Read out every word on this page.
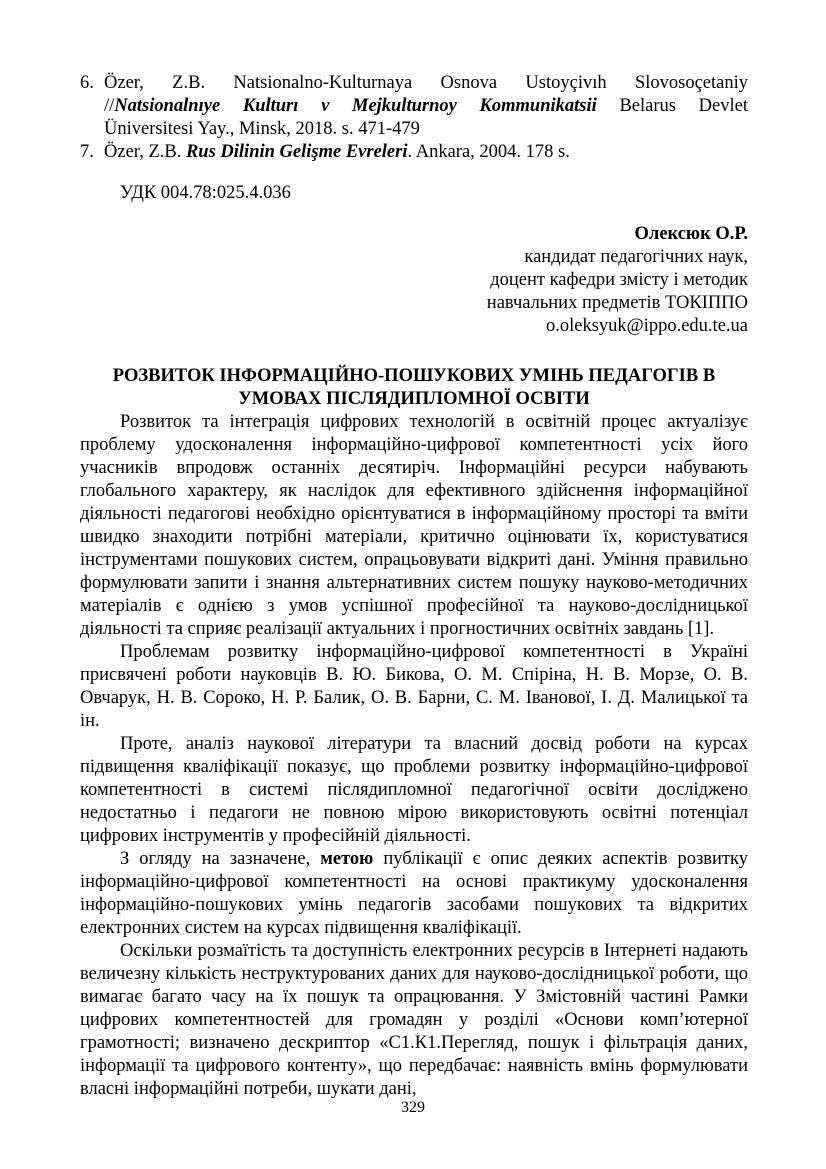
6. Özer, Z.B. Natsionalno-Kulturnaya Osnova Ustoyçivıh Slovosoçetaniy
//Natsionalnıye Kulturı v Mejkulturnoy Kommunikatsii Belarus Devlet
Üniversitesi Yay., Minsk, 2018. s. 471-479
7. Özer, Z.B. Rus Dilinin Gelişme Evreleri. Ankara, 2004. 178 s.
УДК 004.78:025.4.036
Олексюк О.Р.
кандидат педагогічних наук,
доцент кафедри змісту і методик
навчальних предметів ТОКІППО
o.oleksyuk@ippo.edu.te.ua
РОЗВИТОК ІНФОРМАЦІЙНО-ПОШУКОВИХ УМІНЬ ПЕДАГОГІВ В
УМОВАХ ПІСЛЯДИПЛОМНОЇ ОСВІТИ

Розвиток та інтеграція цифрових технологій в освітній процес актуалізує проблему удосконалення інформаційно-цифрової компетентності усіх його учасників впродовж останніх десятиріч. Інформаційні ресурси набувають глобального характеру, як наслідок для ефективного здійснення інформаційної діяльності педагогові необхідно орієнтуватися в інформаційному просторі та вміти швидко знаходити потрібні матеріали, критично оцінювати їх, користуватися інструментами пошукових систем, опрацьовувати відкриті дані. Уміння правильно формулювати запити і знання альтернативних систем пошуку науково-методичних матеріалів є однією з умов успішної професійної та науково-дослідницької діяльності та сприяє реалізації актуальних і прогностичних освітніх завдань [1].

Проблемам розвитку інформаційно-цифрової компетентності в Україні присвячені роботи науковців В. Ю. Бикова, О. М. Спіріна, Н. В. Морзе, О. В. Овчарук, Н. В. Сороко, Н. Р. Балик, О. В. Барни, С. М. Іванової, І. Д. Малицької та ін.

Проте, аналіз наукової літератури та власний досвід роботи на курсах підвищення кваліфікації показує, що проблеми розвитку інформаційно-цифрової компетентності в системі післядипломної педагогічної освіти досліджено недостатньо і педагоги не повною мірою використовують освітні потенціал цифрових інструментів у професійній діяльності.

З огляду на зазначене, метою публікації є опис деяких аспектів розвитку інформаційно-цифрової компетентності на основі практикуму удосконалення інформаційно-пошукових умінь педагогів засобами пошукових та відкритих електронних систем на курсах підвищення кваліфікації.

Оскільки розмаїтість та доступність електронних ресурсів в Інтернеті надають величезну кількість неструктурованих даних для науково-дослідницької роботи, що вимагає багато часу на їх пошук та опрацювання. У Змістовній частині Рамки цифрових компетентностей для громадян у розділі «Основи комп’ютерної грамотності; визначено дескриптор «С1.К1.Перегляд, пошук і фільтрація даних, інформації та цифрового контенту», що передбачає: наявність вмінь формулювати власні інформаційні потреби, шукати дані,

329
